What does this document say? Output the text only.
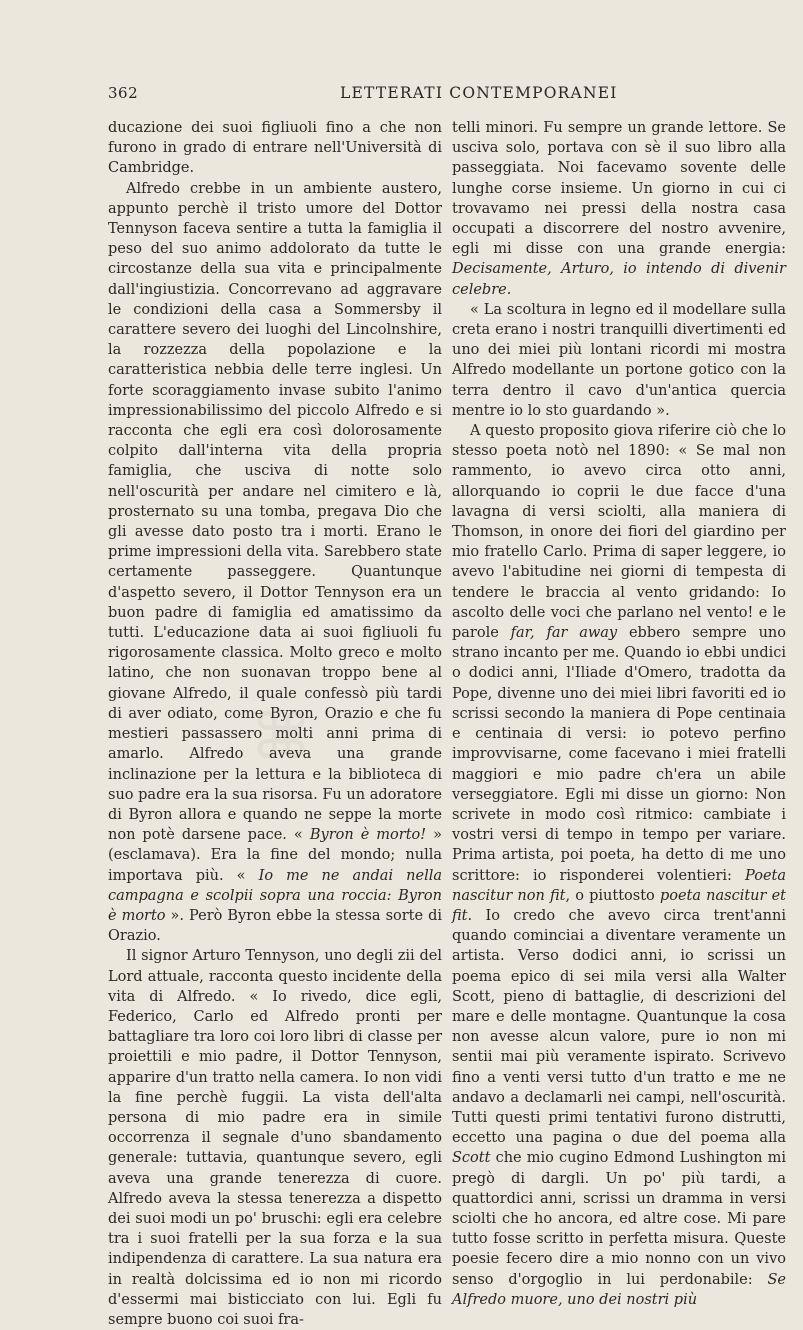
362	LETTERATI CONTEMPORANEI
⌘

ducazione dei suoi figliuoli fino a che non furono in grado di entrare nell'Università di Cambridge.

Alfredo crebbe in un ambiente austero, appunto perchè il tristo umore del Dottor Tennyson faceva sentire a tutta la famiglia il peso del suo animo addolorato da tutte le circostanze della sua vita e principalmente dall'ingiustizia. Concorrevano ad aggravare le condizioni della casa a Sommersby il carattere severo dei luoghi del Lincolnshire, la rozzezza della popolazione e la caratteristica nebbia delle terre inglesi. Un forte scoraggiamento invase subito l'animo impressionabilissimo del piccolo Alfredo e si racconta che egli era così dolorosamente colpito dall'interna vita della propria famiglia, che usciva di notte solo nell'oscurità per andare nel cimitero e là, prosternato su una tomba, pregava Dio che gli avesse dato posto tra i morti. Erano le prime impressioni della vita. Sarebbero state certamente passeggere. Quantunque d'aspetto severo, il Dottor Tennyson era un buon padre di famiglia ed amatissimo da tutti. L'educazione data ai suoi figliuoli fu rigorosamente classica. Molto greco e molto latino, che non suonavan troppo bene al giovane Alfredo, il quale confessò più tardi di aver odiato, come Byron, Orazio e che fu mestieri passassero molti anni prima di amarlo. Alfredo aveva una grande inclinazione per la lettura e la biblioteca di suo padre era la sua risorsa. Fu un adoratore di Byron allora e quando ne seppe la morte non potè darsene pace. « Byron è morto! » (esclamava). Era la fine del mondo; nulla importava più. « Io me ne andai nella campagna e scolpii sopra una roccia: Byron è morto ». Però Byron ebbe la stessa sorte di Orazio.

Il signor Arturo Tennyson, uno degli zii del Lord attuale, racconta questo incidente della vita di Alfredo. « Io rivedo, dice egli, Federico, Carlo ed Alfredo pronti per battagliare tra loro coi loro libri di classe per proiettili e mio padre, il Dottor Tennyson, apparire d'un tratto nella camera. Io non vidi la fine perchè fuggii. La vista dell'alta persona di mio padre era in simile occorrenza il segnale d'uno sbandamento generale: tuttavia, quantunque severo, egli aveva una grande tenerezza di cuore. Alfredo aveva la stessa tenerezza a dispetto dei suoi modi un po' bruschi: egli era celebre tra i suoi fratelli per la sua forza e la sua indipendenza di carattere. La sua natura era in realtà dolcissima ed io non mi ricordo d'essermi mai bisticciato con lui. Egli fu sempre buono coi suoi fra-

telli minori. Fu sempre un grande lettore. Se usciva solo, portava con sè il suo libro alla passeggiata. Noi facevamo sovente delle lunghe corse insieme. Un giorno in cui ci trovavamo nei pressi della nostra casa occupati a discorrere del nostro avvenire, egli mi disse con una grande energia: Decisamente, Arturo, io intendo di divenir celebre.

« La scoltura in legno ed il modellare sulla creta erano i nostri tranquilli divertimenti ed uno dei miei più lontani ricordi mi mostra Alfredo modellante un portone gotico con la terra dentro il cavo d'un'antica quercia mentre io lo sto guardando ».

A questo proposito giova riferire ciò che lo stesso poeta notò nel 1890: « Se mal non rammento, io avevo circa otto anni, allorquando io coprii le due facce d'una lavagna di versi sciolti, alla maniera di Thomson, in onore dei fiori del giardino per mio fratello Carlo. Prima di saper leggere, io avevo l'abitudine nei giorni di tempesta di tendere le braccia al vento gridando: Io ascolto delle voci che parlano nel vento! e le parole far, far away ebbero sempre uno strano incanto per me. Quando io ebbi undici o dodici anni, l'Iliade d'Omero, tradotta da Pope, divenne uno dei miei libri favoriti ed io scrissi secondo la maniera di Pope centinaia e centinaia di versi: io potevo perfino improvvisarne, come facevano i miei fratelli maggiori e mio padre ch'era un abile verseggiatore. Egli mi disse un giorno: Non scrivete in modo così ritmico: cambiate i vostri versi di tempo in tempo per variare. Prima artista, poi poeta, ha detto di me uno scrittore: io risponderei volentieri: Poeta nascitur non fit, o piuttosto poeta nascitur et fit. Io credo che avevo circa trent'anni quando cominciai a diventare veramente un artista. Verso dodici anni, io scrissi un poema epico di sei mila versi alla Walter Scott, pieno di battaglie, di descrizioni del mare e delle montagne. Quantunque la cosa non avesse alcun valore, pure io non mi sentii mai più veramente ispirato. Scrivevo fino a venti versi tutto d'un tratto e me ne andavo a declamarli nei campi, nell'oscurità. Tutti questi primi tentativi furono distrutti, eccetto una pagina o due del poema alla Scott che mio cugino Edmond Lushington mi pregò di dargli. Un po' più tardi, a quattordici anni, scrissi un dramma in versi sciolti che ho ancora, ed altre cose. Mi pare tutto fosse scritto in perfetta misura. Queste poesie fecero dire a mio nonno con un vivo senso d'orgoglio in lui perdonabile: Se Alfredo muore, uno dei nostri più
